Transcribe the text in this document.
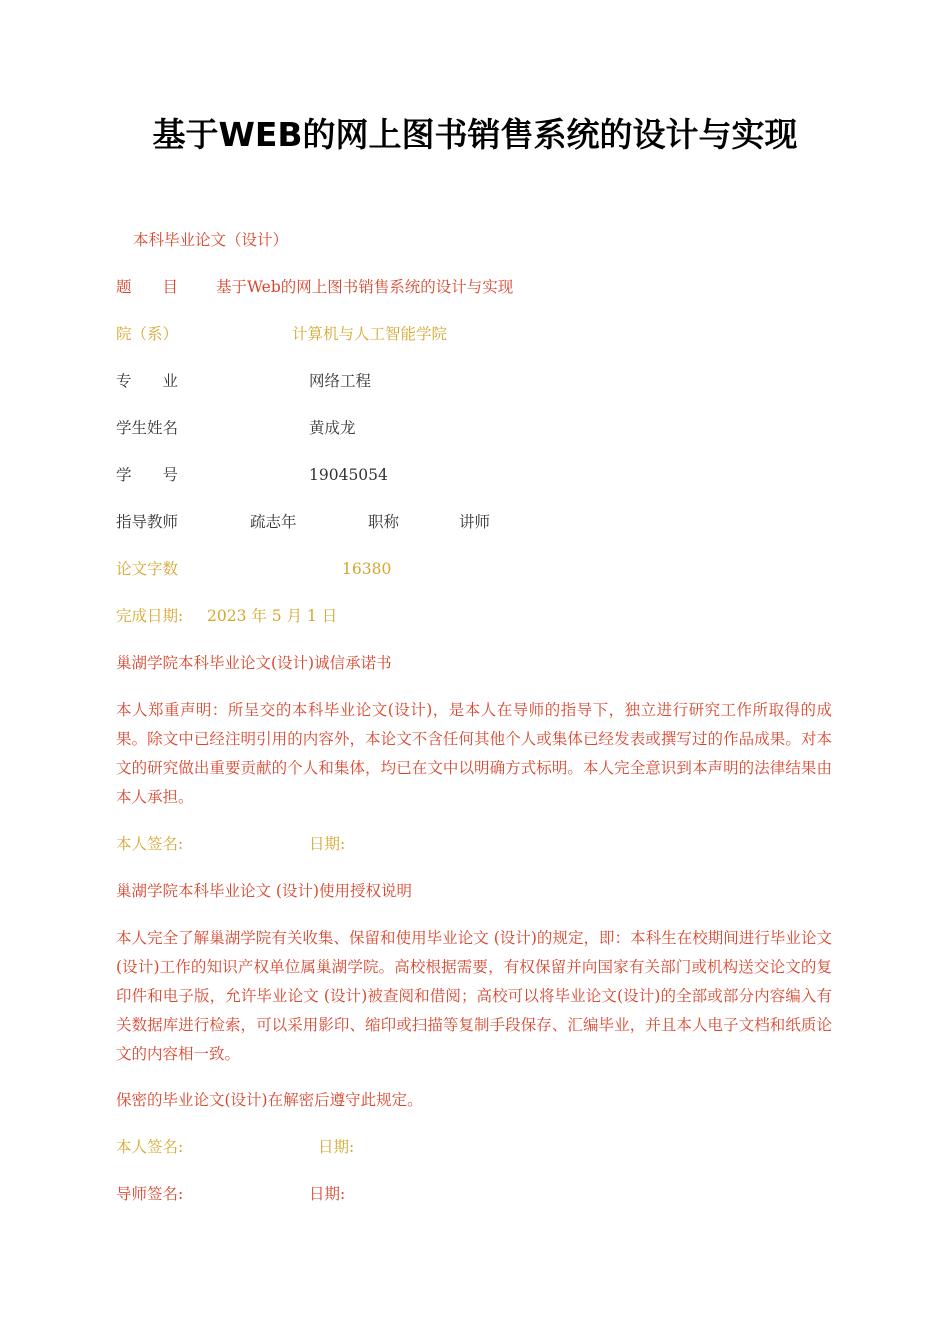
基于WEB的网上图书销售系统的设计与实现
本科毕业论文（设计）
题　　目 基于Web的网上图书销售系统的设计与实现
院（系）	计算机与人工智能学院
专　　业	网络工程
学生姓名	黄成龙
学　　号	19045054
指导教师	疏志年	职称	讲师
论文字数	16380
完成日期: 2023 年 5 月 1 日
巢湖学院本科毕业论文(设计)诚信承诺书

本人郑重声明：所呈交的本科毕业论文(设计)，是本人在导师的指导下，独立进行研究工作所取得的成果。除文中已经注明引用的内容外，本论文不含任何其他个人或集体已经发表或撰写过的作品成果。对本文的研究做出重要贡献的个人和集体，均已在文中以明确方式标明。本人完全意识到本声明的法律结果由本人承担。

本人签名:	日期:
巢湖学院本科毕业论文 (设计)使用授权说明

本人完全了解巢湖学院有关收集、保留和使用毕业论文 (设计)的规定，即：本科生在校期间进行毕业论文(设计)工作的知识产权单位属巢湖学院。高校根据需要，有权保留并向国家有关部门或机构送交论文的复印件和电子版，允许毕业论文 (设计)被查阅和借阅；高校可以将毕业论文(设计)的全部或部分内容编入有关数据库进行检索，可以采用影印、缩印或扫描等复制手段保存、汇编毕业，并且本人电子文档和纸质论文的内容相一致。

保密的毕业论文(设计)在解密后遵守此规定。
本人签名:	日期:
导师签名:	日期:
